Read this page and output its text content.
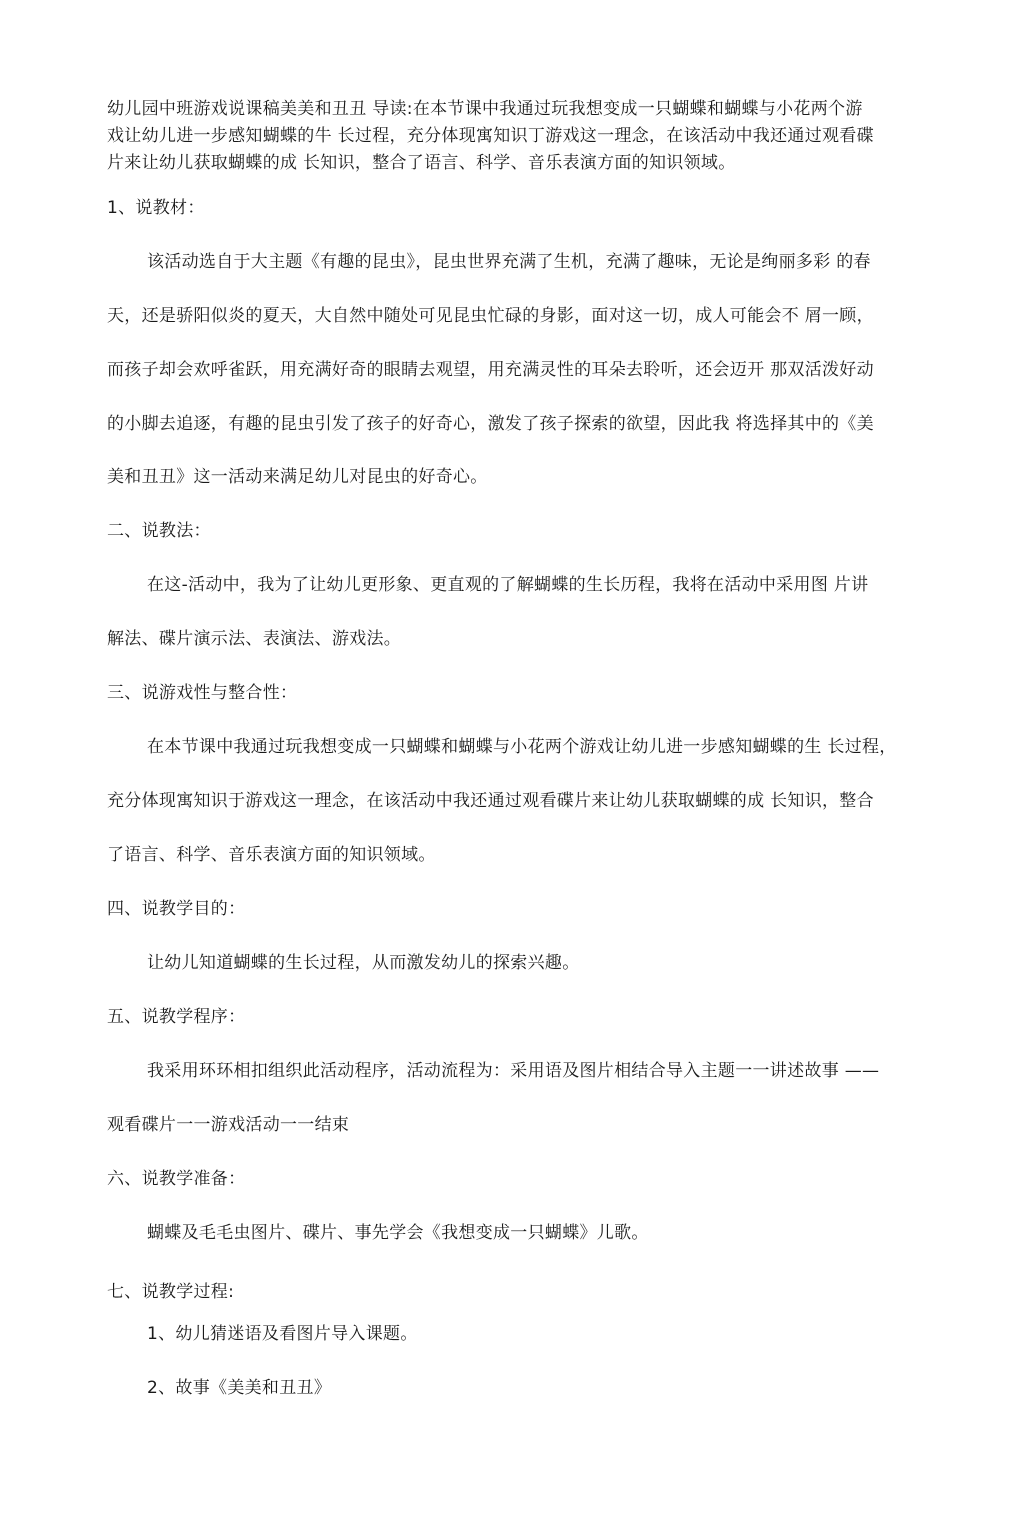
幼儿园中班游戏说课稿美美和丑丑 导读:在本节课中我通过玩我想变成一只蝴蝶和蝴蝶与小花两个游
戏让幼儿进一步感知蝴蝶的牛 长过程，充分体现寓知识丁游戏这一理念，在该活动中我还通过观看碟
片来让幼儿获取蝴蝶的成 长知识，整合了语言、科学、音乐表演方面的知识领域。
1、说教材：
该活动选自于大主题《有趣的昆虫》，昆虫世界充满了生机，充满了趣味，无论是绚丽多彩 的春
天，还是骄阳似炎的夏天，大自然中随处可见昆虫忙碌的身影，面对这一切，成人可能会不 屑一顾，
而孩子却会欢呼雀跃，用充满好奇的眼睛去观望，用充满灵性的耳朵去聆听，还会迈开 那双活泼好动
的小脚去追逐，有趣的昆虫引发了孩子的好奇心，激发了孩子探索的欲望，因此我 将选择其中的《美
美和丑丑》这一活动来满足幼儿对昆虫的好奇心。
二、说教法：
在这-活动中，我为了让幼儿更形象、更直观的了解蝴蝶的生长历程，我将在活动中采用图 片讲
解法、碟片演示法、表演法、游戏法。
三、说游戏性与整合性：
在本节课中我通过玩我想变成一只蝴蝶和蝴蝶与小花两个游戏让幼儿进一步感知蝴蝶的生 长过程，
充分体现寓知识于游戏这一理念，在该活动中我还通过观看碟片来让幼儿获取蝴蝶的成 长知识，整合
了语言、科学、音乐表演方面的知识领域。
四、说教学目的：
让幼儿知道蝴蝶的生长过程，从而激发幼儿的探索兴趣。
五、说教学程序：
我采用环环相扣组织此活动程序，活动流程为：采用语及图片相结合导入主题一一讲述故事 ——
观看碟片一一游戏活动一一结束
六、说教学准备：
蝴蝶及毛毛虫图片、碟片、事先学会《我想变成一只蝴蝶》儿歌。
七、说教学过程:
1、幼儿猜迷语及看图片导入课题。
2、故事《美美和丑丑》
